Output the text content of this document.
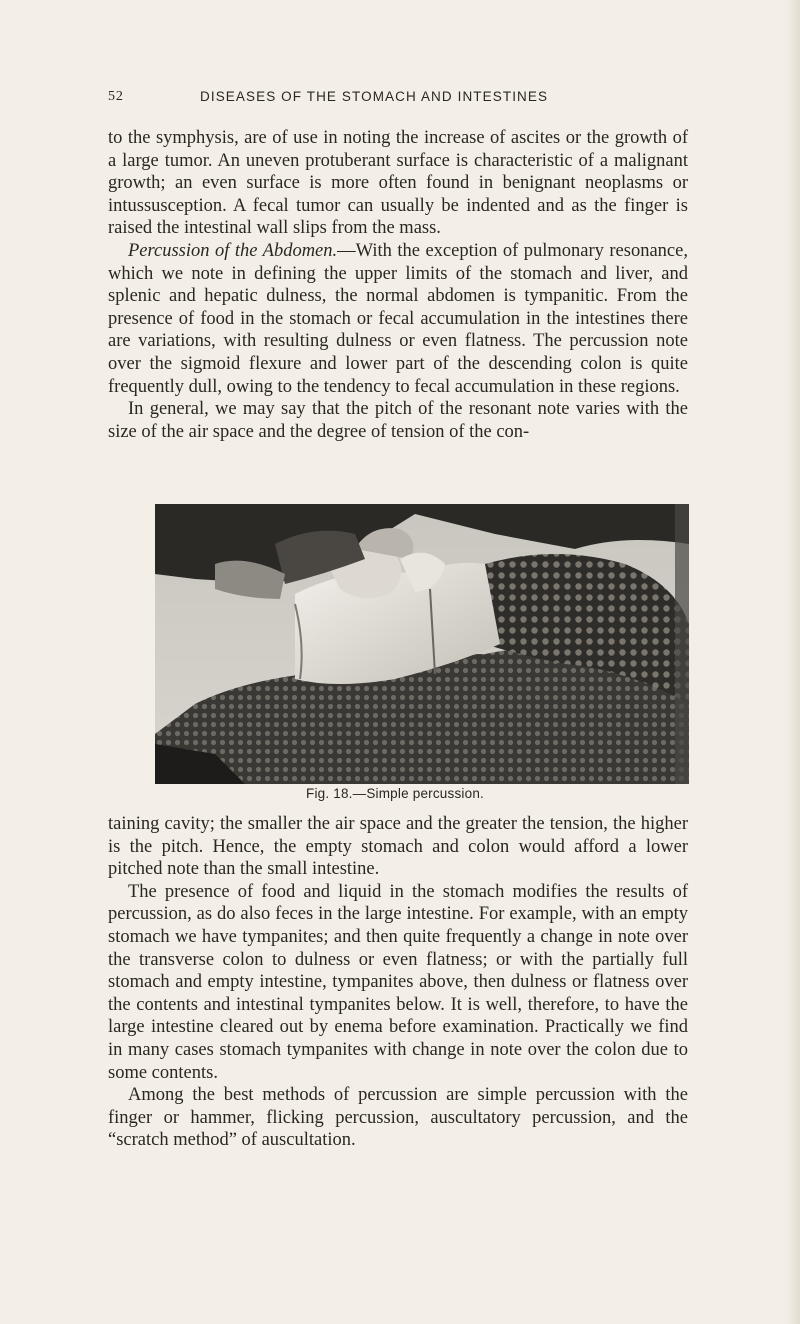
52	DISEASES OF THE STOMACH AND INTESTINES

to the symphysis, are of use in noting the increase of ascites or the growth of a large tumor. An uneven protuberant surface is characteristic of a malignant growth; an even surface is more often found in benignant neoplasms or intussusception. A fecal tumor can usually be indented and as the finger is raised the intestinal wall slips from the mass.

Percussion of the Abdomen.—With the exception of pulmonary resonance, which we note in defining the upper limits of the stomach and liver, and splenic and hepatic dulness, the normal abdomen is tympanitic. From the presence of food in the stomach or fecal accumulation in the intestines there are variations, with resulting dulness or even flatness. The percussion note over the sigmoid flexure and lower part of the descending colon is quite frequently dull, owing to the tendency to fecal accumulation in these regions.

In general, we may say that the pitch of the resonant note varies with the size of the air space and the degree of tension of the con-

Fig. 18.—Simple percussion.

taining cavity; the smaller the air space and the greater the tension, the higher is the pitch. Hence, the empty stomach and colon would afford a lower pitched note than the small intestine.

The presence of food and liquid in the stomach modifies the results of percussion, as do also feces in the large intestine. For example, with an empty stomach we have tympanites; and then quite frequently a change in note over the transverse colon to dulness or even flatness; or with the partially full stomach and empty intestine, tympanites above, then dulness or flatness over the contents and intestinal tympanites below. It is well, therefore, to have the large intestine cleared out by enema before examination. Practically we find in many cases stomach tympanites with change in note over the colon due to some contents.

Among the best methods of percussion are simple percussion with the finger or hammer, flicking percussion, auscultatory percussion, and the “scratch method” of auscultation.
